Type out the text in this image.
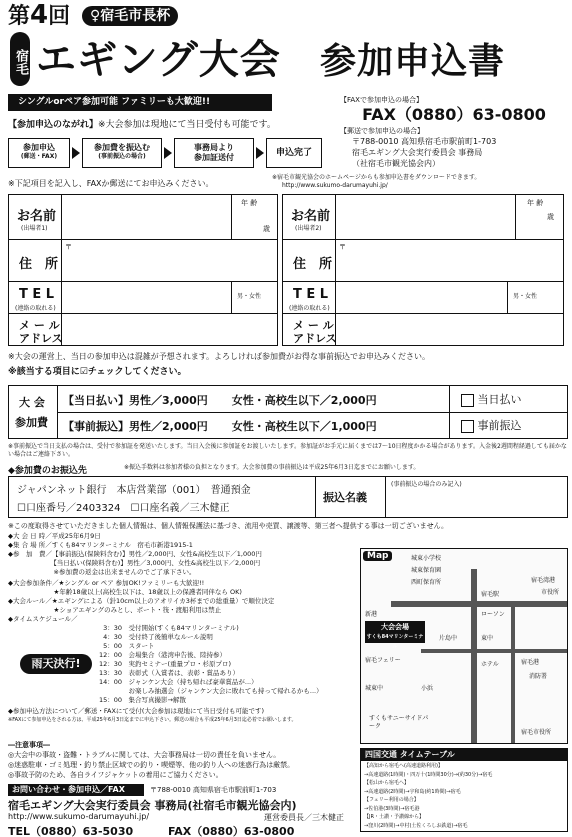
第4回	♀宿毛市長杯
宿毛 エギング大会 参加申込書
シングルorペア参加可能 ファミリーも大歓迎!!
【参加申込のながれ】※大会参加は現地にて当日受付も可能です。
参加申込
(郵送・FAX)
参加費を振込む
(事前振込の場合)
事務局より
参加証送付	申込完了
【FAXで参加申込の場合】
FAX（0880）63-0800
【郵送で参加申込の場合】
〒788-0010 高知県宿毛市駅前町1-703
宿毛エギング大会実行委員会 事務局
（社宿毛市観光協会内）
※下記項目を記入し、FAXか郵送にてお申込みください。
※宿毛市観光協会のホームページからも参加申込書をダウンロードできます。
http://www.sukumo-darumayuhi.jp/
お名前
(出場者1)
年 齢
歳
住　所
〒
T E L
(連絡の取れる)
男・女性
メ ー ル
アドレス
お名前
(出場者2)
年 齢
歳
住　所
〒
T E L
(連絡の取れる)
男・女性
メ ー ル
アドレス
※大会の運営上、当日の参加申込は混雑が予想されます。よろしければ参加費がお得な事前振込でお申込みください。
※該当する項目に☑チェックしてください。
大 会
参加費
【当日払い】男性／3,000円 女性・高校生以下／2,000円	当日払い
【事前振込】男性／2,000円 女性・高校生以下／1,000円	事前振込
※事前振込で当日支払の場合は、受付で参加証を発送いたします。当日入会後に参加証をお渡しいたします。参加証がお手元に届くまでは7〜10日程度かかる場合があります。入金後2週間程経過しても届かない場合はご連絡下さい。
◆参加費のお振込先	※振込手数料は参加者様の負担となります。大会参加費の事前振込は平成25年6月3日迄までにお願いします。
ジャパンネット銀行　本店営業部（001）　普通預金
☐口座番号／2403324　☐口座名義／三木健正
振込名義
(事前振込の場合のみ記入)
※この度取得させていただきました個人情報は、個人情報保護法に基づき、流用や売買、譲渡等、第三者へ提供する事は一切ございません。
◆大 会 日 時／平成25年6月9日
◆集 合 場 所／すくも84マリンターミナル　宿毛市新港1915-1
◆参　加　費／【事前振込(保険料含む)】男性／2,000円、女性&高校生以下／1,000円
　　　　　　　【当日払い(保険料含む)】男性／3,000円、女性&高校生以下／2,000円
　　　　　　　※参加費の返金は出来ませんのでご了承下さい。
◆大会参加条件／★シングル or ペア 参加OK!ファミリーも大歓迎!!
　　　　　　　★年齢18歳以上(高校生以下は、18歳以上の保護者同伴なら OK)
◆大会ルール／★エギングによる（針10cm以上のアオリイカ3杯までの総重量）で順位決定
　　　　　　　★ショアエギングのみとし、ボート・筏・渡船利用は禁止
◆タイムスケジュール／
3：30　 受付開始(すくも84マリンターミナル)
4：30　 受付終了後簡単なルール説明
5：00　 スタート
12：00　 会場集合（港湾申告後、陸持参）
12：30　 実釣セミナー(重量プロ・杉原プロ)
13：30　 表彰式（入賞者は、表彰・賞品あり）
14：00　 ジャンケン大会（持ち帰れば豪華賞品が...）
　お楽しみ抽選会（ジャンケン大会に敗れても持って帰れるかも...）
15：00　 集合写真撮影→解散
◆参加申込方法について／郵送・FAXにて受付(大会参加は現地にて当日受付も可能です)
※FAXにて参加申込をされる方は、平成25年6月3日迄までに申込下さい。郵送の場合も平成25年6月3日迄必着でお願いします。
雨天決行!
―注意事項―
◎大会中の事故・盗難・トラブルに関しては、大会事務局は一切の責任を負いません。
◎迷惑駐車・ゴミ処理・釣り禁止区域での釣り・喫煙等、他の釣り人への迷惑行為は厳禁。
◎事故予防のため、各自ライフジャケットの着用にご協力ください。
お問い合わせ・参加申込／FAX	〒788-0010 高知県宿毛市駅前町1-703
宿毛エギング大会実行委員会 事務局(社宿毛市観光協会内)
http://www.sukumo-darumayuhi.jp/	運営委員長／三木健正
TEL（0880）63-5030	FAX（0880）63-0800
Map	城東小学校
城東保育園
西町保育所
宿毛駅
宿毛湾港
市役所
新港	ローソン
大会会場
すくも84マリンターミナル
宿毛フェリー
片島中	東中
宿毛港
ホテル
消防署
すくもサニーサイドパーク
城東中	小浜
宿毛市役所
四国交通 タイムテーブル
【高知から宿毛へ(高速道路利用)】
→高速道路(1時間)・四万十(1時間30分)→(約30分)→宿毛
【松山から宿毛へ】
→高速道路(2時間)→宇和島(約1時間)→宿毛
【フェリー利用の場合】
→佐伯港(3時間)→宿毛港
【JR・土讃・予讃線から】
→窪川(2時間)→中村(土佐くろしお鉄道)→宿毛
